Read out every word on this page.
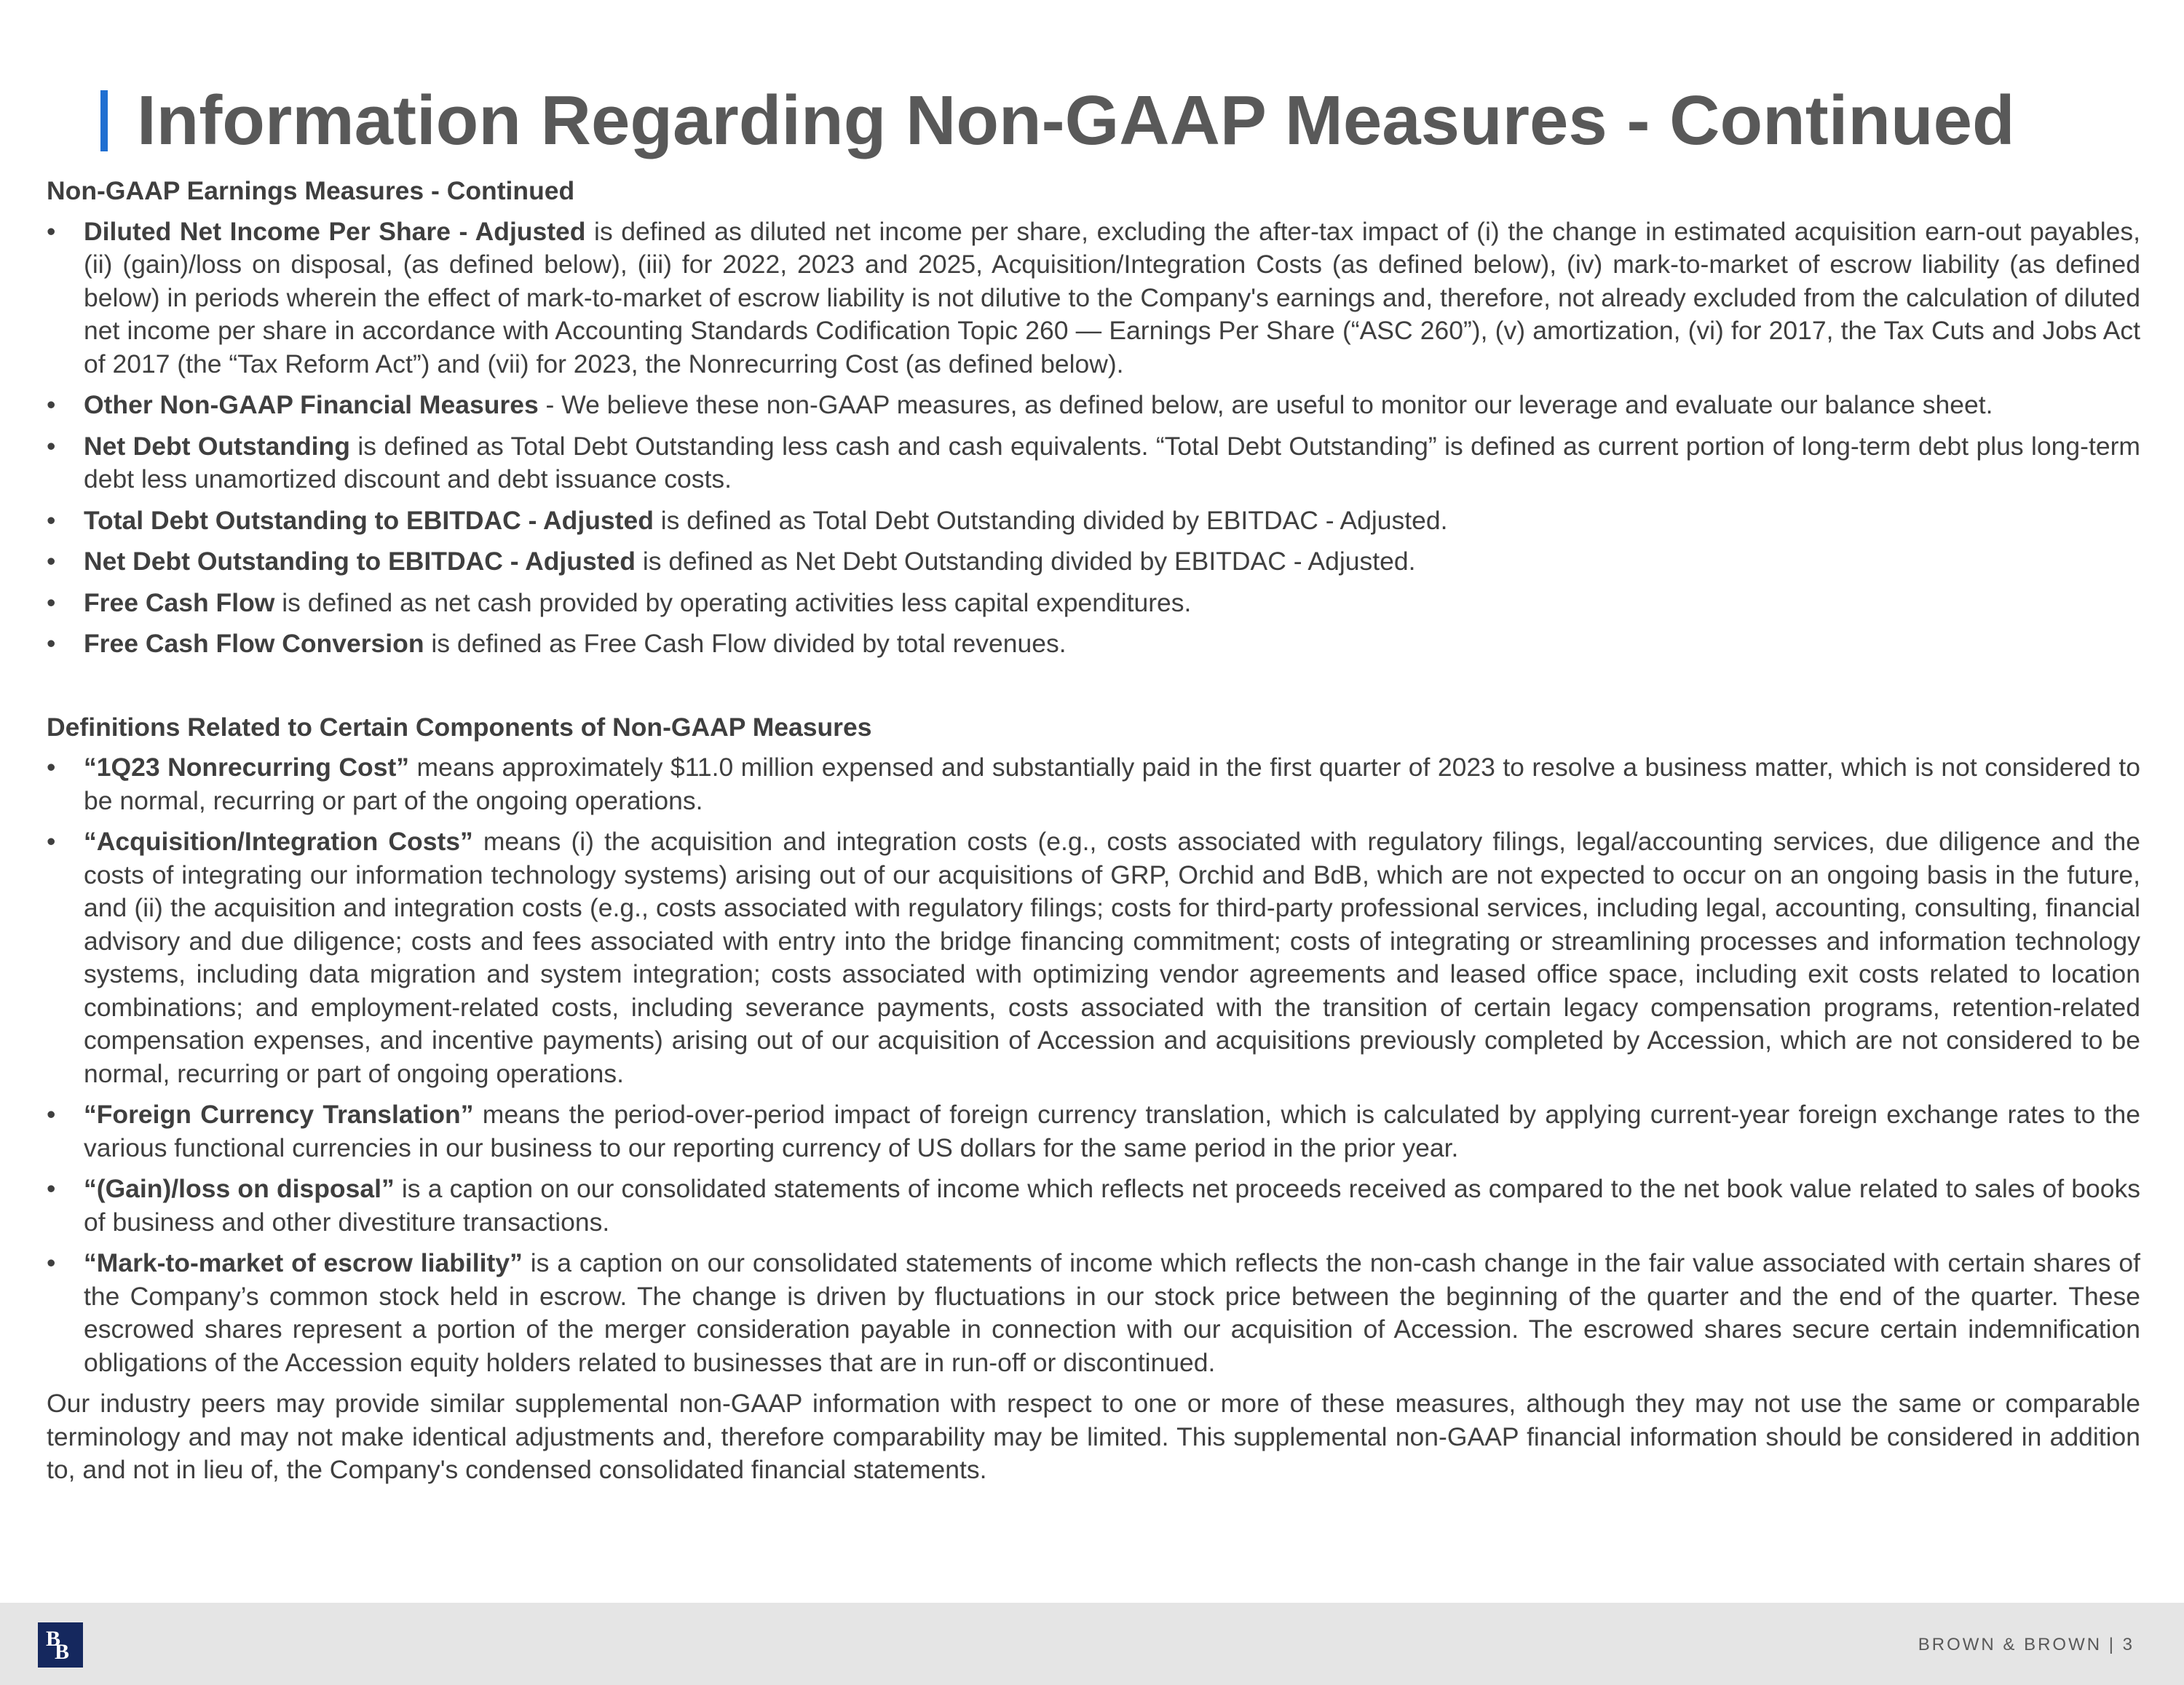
Information Regarding Non-GAAP Measures - Continued
Non-GAAP Earnings Measures - Continued
• Diluted Net Income Per Share - Adjusted is defined as diluted net income per share, excluding the after-tax impact of (i) the change in estimated acquisition earn-out payables, (ii) (gain)/loss on disposal, (as defined below), (iii) for 2022, 2023 and 2025, Acquisition/Integration Costs (as defined below), (iv) mark-to-market of escrow liability (as defined below) in periods wherein the effect of mark-to-market of escrow liability is not dilutive to the Company's earnings and, therefore, not already excluded from the calculation of diluted net income per share in accordance with Accounting Standards Codification Topic 260 — Earnings Per Share (“ASC 260”), (v) amortization, (vi) for 2017, the Tax Cuts and Jobs Act of 2017 (the “Tax Reform Act”) and (vii) for 2023, the Nonrecurring Cost (as defined below).
• Other Non-GAAP Financial Measures - We believe these non-GAAP measures, as defined below, are useful to monitor our leverage and evaluate our balance sheet.
• Net Debt Outstanding is defined as Total Debt Outstanding less cash and cash equivalents. “Total Debt Outstanding” is defined as current portion of long-term debt plus long-term debt less unamortized discount and debt issuance costs.
• Total Debt Outstanding to EBITDAC - Adjusted is defined as Total Debt Outstanding divided by EBITDAC - Adjusted.
• Net Debt Outstanding to EBITDAC - Adjusted is defined as Net Debt Outstanding divided by EBITDAC - Adjusted.
• Free Cash Flow is defined as net cash provided by operating activities less capital expenditures.
• Free Cash Flow Conversion is defined as Free Cash Flow divided by total revenues.
Definitions Related to Certain Components of Non-GAAP Measures
• “1Q23 Nonrecurring Cost” means approximately $11.0 million expensed and substantially paid in the first quarter of 2023 to resolve a business matter, which is not considered to be normal, recurring or part of the ongoing operations.
• “Acquisition/Integration Costs” means (i) the acquisition and integration costs (e.g., costs associated with regulatory filings, legal/accounting services, due diligence and the costs of integrating our information technology systems) arising out of our acquisitions of GRP, Orchid and BdB, which are not expected to occur on an ongoing basis in the future, and (ii) the acquisition and integration costs (e.g., costs associated with regulatory filings; costs for third-party professional services, including legal, accounting, consulting, financial advisory and due diligence; costs and fees associated with entry into the bridge financing commitment; costs of integrating or streamlining processes and information technology systems, including data migration and system integration; costs associated with optimizing vendor agreements and leased office space, including exit costs related to location combinations; and employment-related costs, including severance payments, costs associated with the transition of certain legacy compensation programs, retention-related compensation expenses, and incentive payments) arising out of our acquisition of Accession and acquisitions previously completed by Accession, which are not considered to be normal, recurring or part of ongoing operations.
• “Foreign Currency Translation” means the period-over-period impact of foreign currency translation, which is calculated by applying current-year foreign exchange rates to the various functional currencies in our business to our reporting currency of US dollars for the same period in the prior year.
• “(Gain)/loss on disposal” is a caption on our consolidated statements of income which reflects net proceeds received as compared to the net book value related to sales of books of business and other divestiture transactions.
• “Mark-to-market of escrow liability” is a caption on our consolidated statements of income which reflects the non-cash change in the fair value associated with certain shares of the Company’s common stock held in escrow. The change is driven by fluctuations in our stock price between the beginning of the quarter and the end of the quarter. These escrowed shares represent a portion of the merger consideration payable in connection with our acquisition of Accession. The escrowed shares secure certain indemnification obligations of the Accession equity holders related to businesses that are in run-off or discontinued.

Our industry peers may provide similar supplemental non-GAAP information with respect to one or more of these measures, although they may not use the same or comparable terminology and may not make identical adjustments and, therefore comparability may be limited. This supplemental non-GAAP financial information should be considered in addition to, and not in lieu of, the Company's condensed consolidated financial statements.

B
B	BROWN & BROWN | 3
